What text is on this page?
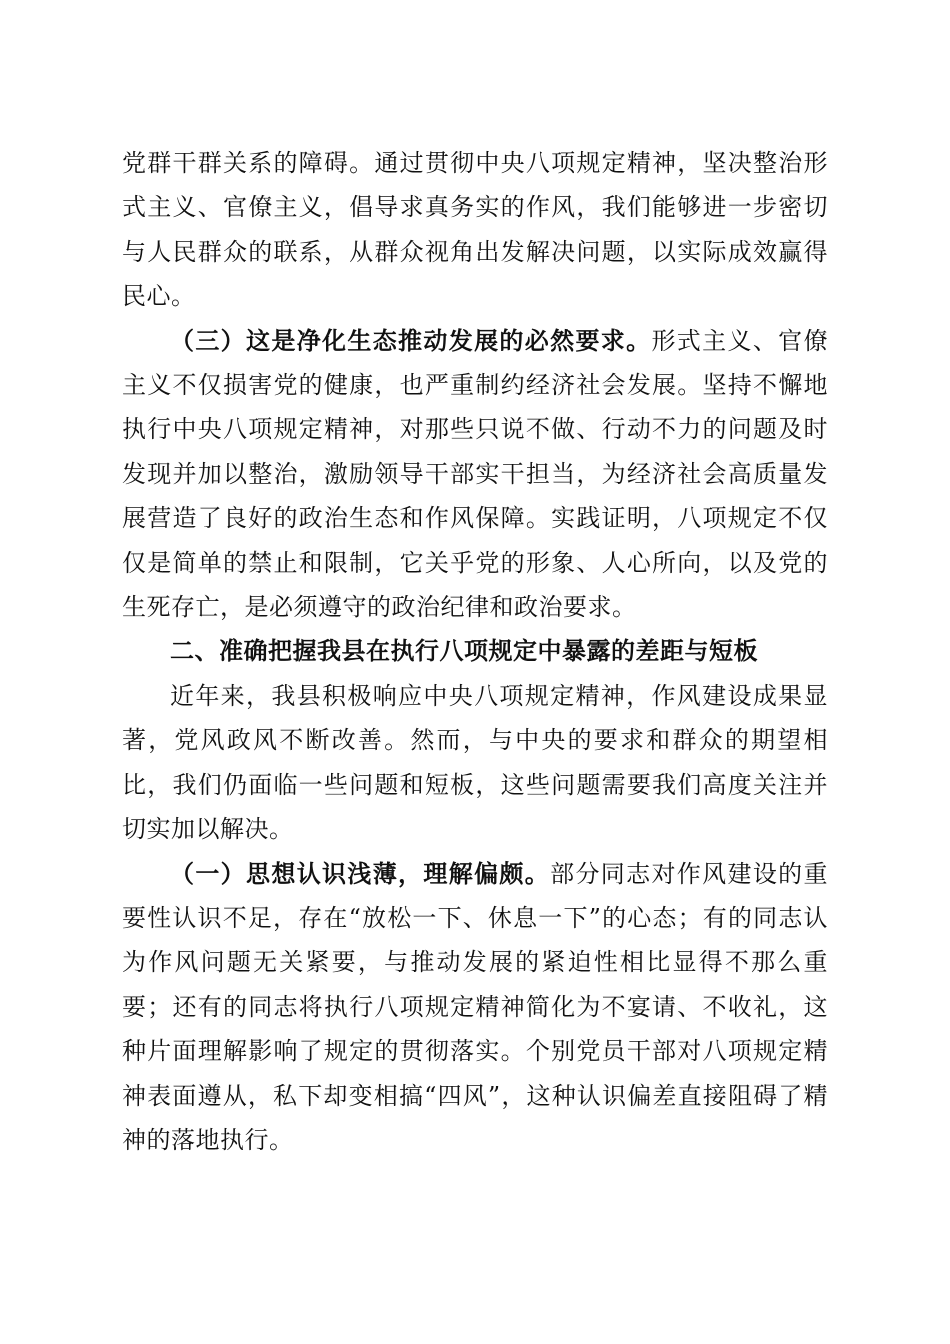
党群干群关系的障碍。通过贯彻中央八项规定精神，坚决整治形式主义、官僚主义，倡导求真务实的作风，我们能够进一步密切与人民群众的联系，从群众视角出发解决问题，以实际成效赢得民心。

（三）这是净化生态推动发展的必然要求。形式主义、官僚主义不仅损害党的健康，也严重制约经济社会发展。坚持不懈地执行中央八项规定精神，对那些只说不做、行动不力的问题及时发现并加以整治，激励领导干部实干担当，为经济社会高质量发展营造了良好的政治生态和作风保障。实践证明，八项规定不仅仅是简单的禁止和限制，它关乎党的形象、人心所向，以及党的生死存亡，是必须遵守的政治纪律和政治要求。

二、准确把握我县在执行八项规定中暴露的差距与短板

近年来，我县积极响应中央八项规定精神，作风建设成果显著，党风政风不断改善。然而，与中央的要求和群众的期望相比，我们仍面临一些问题和短板，这些问题需要我们高度关注并切实加以解决。

（一）思想认识浅薄，理解偏颇。部分同志对作风建设的重要性认识不足，存在“放松一下、休息一下”的心态；有的同志认为作风问题无关紧要，与推动发展的紧迫性相比显得不那么重要；还有的同志将执行八项规定精神简化为不宴请、不收礼，这种片面理解影响了规定的贯彻落实。个别党员干部对八项规定精神表面遵从，私下却变相搞“四风”，这种认识偏差直接阻碍了精神的落地执行。
